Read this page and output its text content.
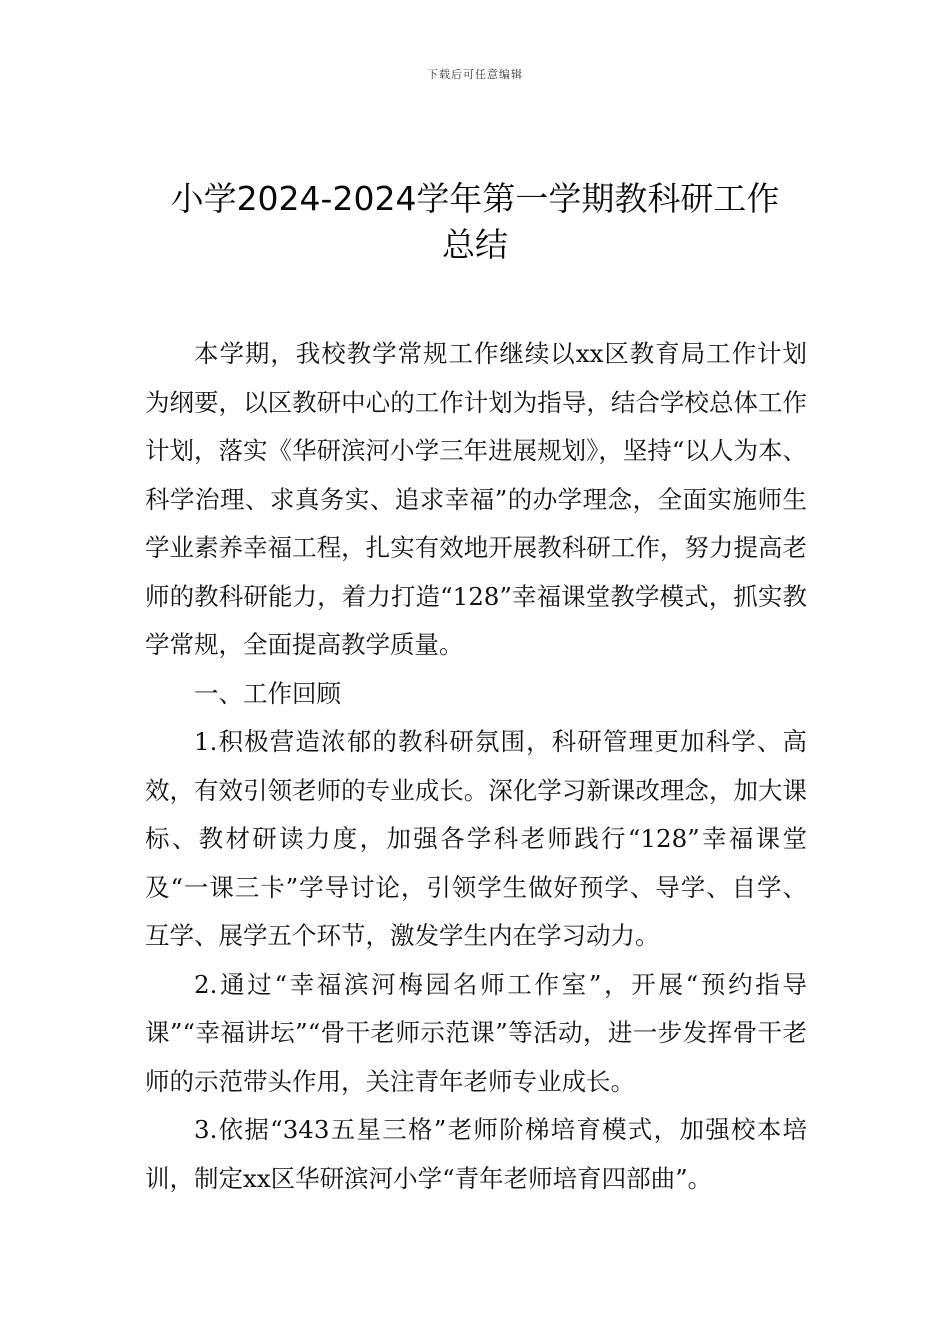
下载后可任意编辑
小学2024-2024学年第一学期教科研工作
总结

本学期，我校教学常规工作继续以xx区教育局工作计划为纲要，以区教研中心的工作计划为指导，结合学校总体工作计划，落实《华研滨河小学三年进展规划》，坚持“以人为本、科学治理、求真务实、追求幸福”的办学理念，全面实施师生学业素养幸福工程，扎实有效地开展教科研工作，努力提高老师的教科研能力，着力打造“128”幸福课堂教学模式，抓实教学常规，全面提高教学质量。

一、工作回顾

1.积极营造浓郁的教科研氛围，科研管理更加科学、高效，有效引领老师的专业成长。深化学习新课改理念，加大课标、教材研读力度，加强各学科老师践行“128”幸福课堂及“一课三卡”学导讨论，引领学生做好预学、导学、自学、互学、展学五个环节，激发学生内在学习动力。

2.通过“幸福滨河梅园名师工作室”，开展“预约指导课”“幸福讲坛”“骨干老师示范课”等活动，进一步发挥骨干老师的示范带头作用，关注青年老师专业成长。

3.依据“343五星三格”老师阶梯培育模式，加强校本培训，制定xx区华研滨河小学“青年老师培育四部曲”。
